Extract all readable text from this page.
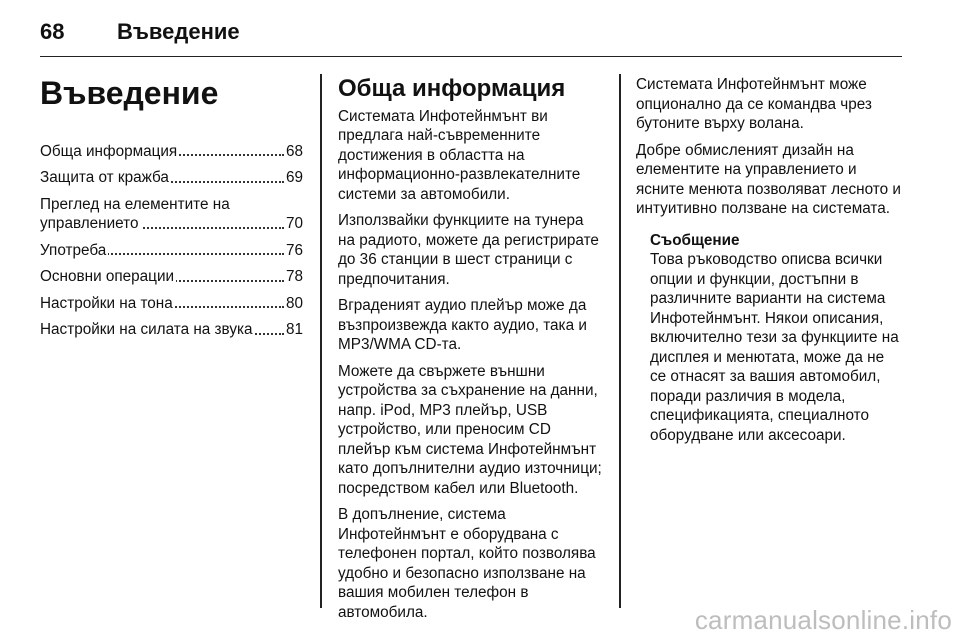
68 Въведение
Въведение
Обща информация	68
Защита от кражба	69
Преглед на елементите на управлението	70
Употреба	76
Основни операции	78
Настройки на тона	80
Настройки на силата на звука	81
Обща информация

Системата Инфотейнмънт ви предлага най-съвременните достижения в областта на информационно-развлекателните системи за автомобили.

Използвайки функциите на тунера на радиото, можете да регистрирате до 36 станции в шест страници с предпочитания.

Вграденият аудио плейър може да възпроизвежда както аудио, така и MP3/WMA CD-та.

Можете да свържете външни устройства за съхранение на данни, напр. iPod, MP3 плейър, USB устройство, или преносим CD плейър към система Инфотейнмънт като допълнителни аудио източници; посредством кабел или Bluetooth.

В допълнение, система Инфотейнмънт е оборудвана с телефонен портал, който позволява удобно и безопасно използване на вашия мобилен телефон в автомобила.

Системата Инфотейнмънт може опционално да се командва чрез бутоните върху волана.

Добре обмисленият дизайн на елементите на управлението и ясните менюта позволяват лесното и интуитивно ползване на системата.

Съобщение

Това ръководство описва всички опции и функции, достъпни в различните варианти на система Инфотейнмънт. Някои описания, включително тези за функциите на дисплея и менютата, може да не се отнасят за вашия автомобил, поради различия в модела, спецификацията, специалното оборудване или аксесоари.

carmanualsonline.info
